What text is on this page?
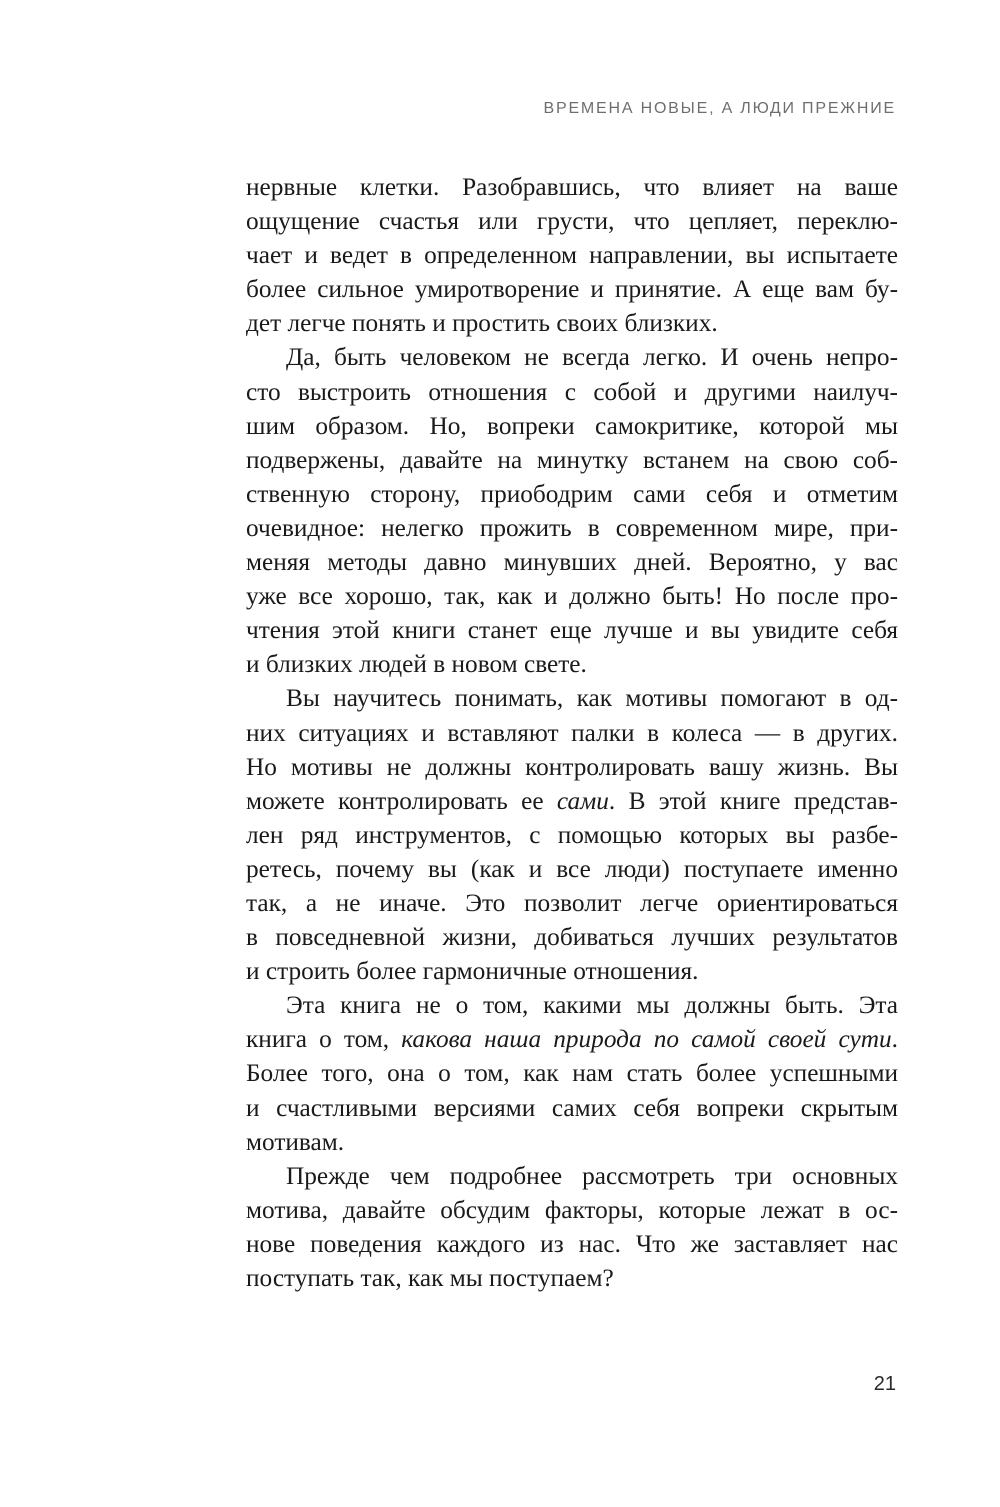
ВРЕМЕНА НОВЫЕ, А ЛЮДИ ПРЕЖНИЕ
нервные клетки. Разобравшись, что влияет на ваше
ощущение счастья или грусти, что цепляет, переклю-
чает и ведет в определенном направлении, вы испытаете
более сильное умиротворение и принятие. А еще вам бу-
дет легче понять и простить своих близких.
Да, быть человеком не всегда легко. И очень непро-
сто выстроить отношения с собой и другими наилуч-
шим образом. Но, вопреки самокритике, которой мы
подвержены, давайте на минутку встанем на свою соб-
ственную сторону, приободрим сами себя и отметим
очевидное: нелегко прожить в современном мире, при-
меняя методы давно минувших дней. Вероятно, у вас
уже все хорошо, так, как и должно быть! Но после про-
чтения этой книги станет еще лучше и вы увидите себя
и близких людей в новом свете.
Вы научитесь понимать, как мотивы помогают в од-
них ситуациях и вставляют палки в колеса — в других.
Но мотивы не должны контролировать вашу жизнь. Вы
можете контролировать ее сами. В этой книге представ-
лен ряд инструментов, с помощью которых вы разбе-
ретесь, почему вы (как и все люди) поступаете именно
так, а не иначе. Это позволит легче ориентироваться
в повседневной жизни, добиваться лучших результатов
и строить более гармоничные отношения.
Эта книга не о том, какими мы должны быть. Эта
книга о том, какова наша природа по самой своей сути.
Более того, она о том, как нам стать более успешными
и счастливыми версиями самих себя вопреки скрытым
мотивам.
Прежде чем подробнее рассмотреть три основных
мотива, давайте обсудим факторы, которые лежат в ос-
нове поведения каждого из нас. Что же заставляет нас
поступать так, как мы поступаем?
21
